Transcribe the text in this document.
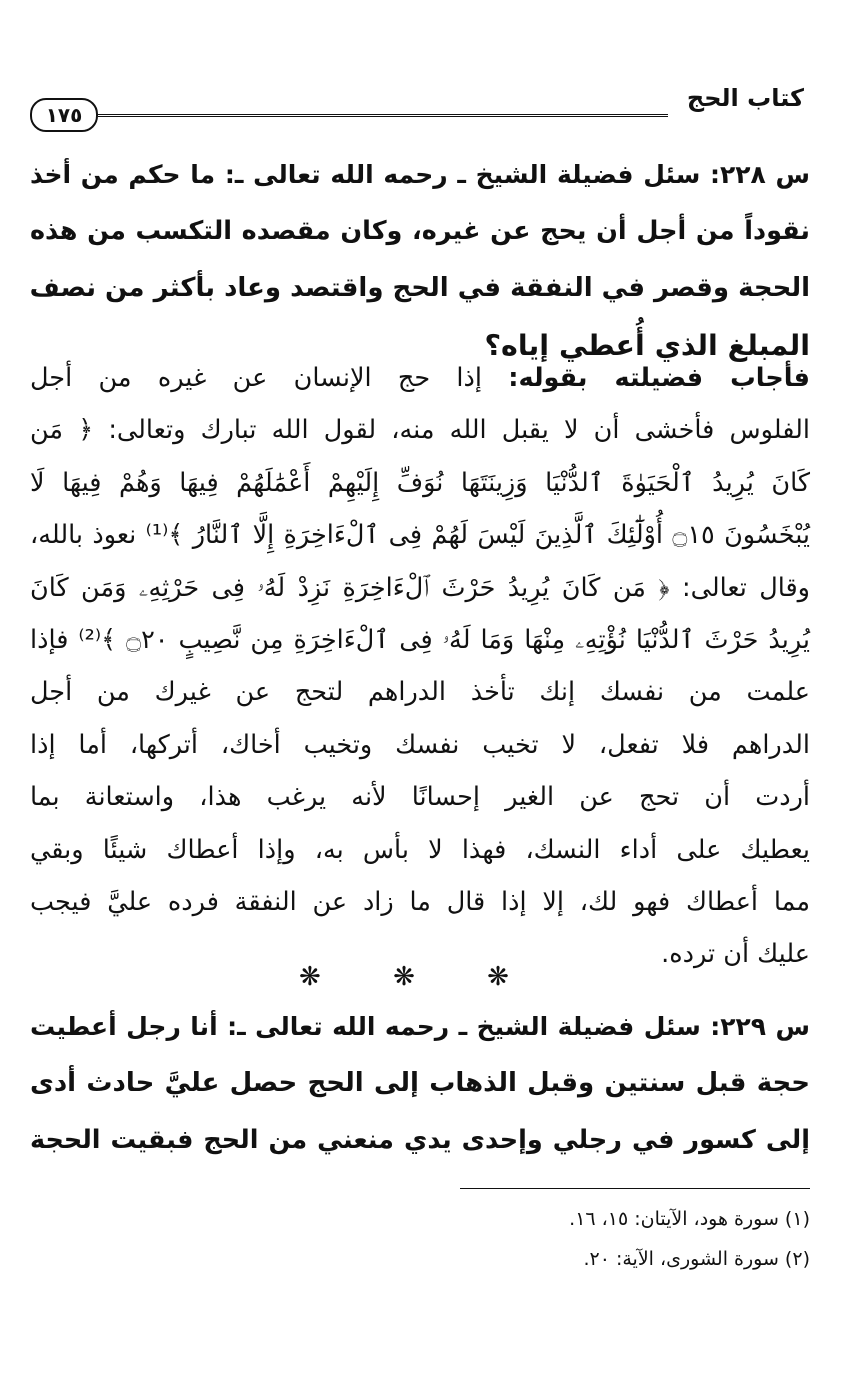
كتاب الحج
١٧٥
س ٢٢٨: سئل فضيلة الشيخ ـ رحمه الله تعالى ـ: ما حكم من أخذ
نقوداً من أجل أن يحج عن غيره، وكان مقصده التكسب من هذه
الحجة وقصر في النفقة في الحج واقتصد وعاد بأكثر من نصف
المبلغ الذي أُعطي إياه؟
فأجاب فضيلته بقوله: إذا حج الإنسان عن غيره من أجل
الفلوس فأخشى أن لا يقبل الله منه، لقول الله تبارك وتعالى: ﴿ مَن
كَانَ يُرِيدُ ٱلْحَيَوٰةَ ٱلدُّنْيَا وَزِينَتَهَا نُوَفِّ إِلَيْهِمْ أَعْمَٰلَهُمْ فِيهَا وَهُمْ فِيهَا لَا
يُبْخَسُونَ ۝١٥ أُوْلَٰٓئِكَ ٱلَّذِينَ لَيْسَ لَهُمْ فِى ٱلْءَاخِرَةِ إِلَّا ٱلنَّارُ ﴾⁽¹⁾ نعوذ بالله،
وقال تعالى: ﴿ مَن كَانَ يُرِيدُ حَرْثَ ٱلْءَاخِرَةِ نَزِدْ لَهُۥ فِى حَرْثِهِۦ وَمَن كَانَ
يُرِيدُ حَرْثَ ٱلدُّنْيَا نُؤْتِهِۦ مِنْهَا وَمَا لَهُۥ فِى ٱلْءَاخِرَةِ مِن نَّصِيبٍ ۝٢٠ ﴾⁽²⁾ فإذا
علمت من نفسك إنك تأخذ الدراهم لتحج عن غيرك من أجل
الدراهم فلا تفعل، لا تخيب نفسك وتخيب أخاك، أتركها، أما إذا
أردت أن تحج عن الغير إحسانًا لأنه يرغب هذا، واستعانة بما
يعطيك على أداء النسك، فهذا لا بأس به، وإذا أعطاك شيئًا وبقي
مما أعطاك فهو لك، إلا إذا قال ما زاد عن النفقة فرده عليَّ فيجب
عليك أن ترده.
❋ ❋ ❋
س ٢٢٩: سئل فضيلة الشيخ ـ رحمه الله تعالى ـ: أنا رجل أعطيت
حجة قبل سنتين وقبل الذهاب إلى الحج حصل عليَّ حادث أدى
إلى كسور في رجلي وإحدى يدي منعني من الحج فبقيت الحجة
(١) سورة هود، الآيتان: ١٥، ١٦.
(٢) سورة الشورى، الآية: ٢٠.
